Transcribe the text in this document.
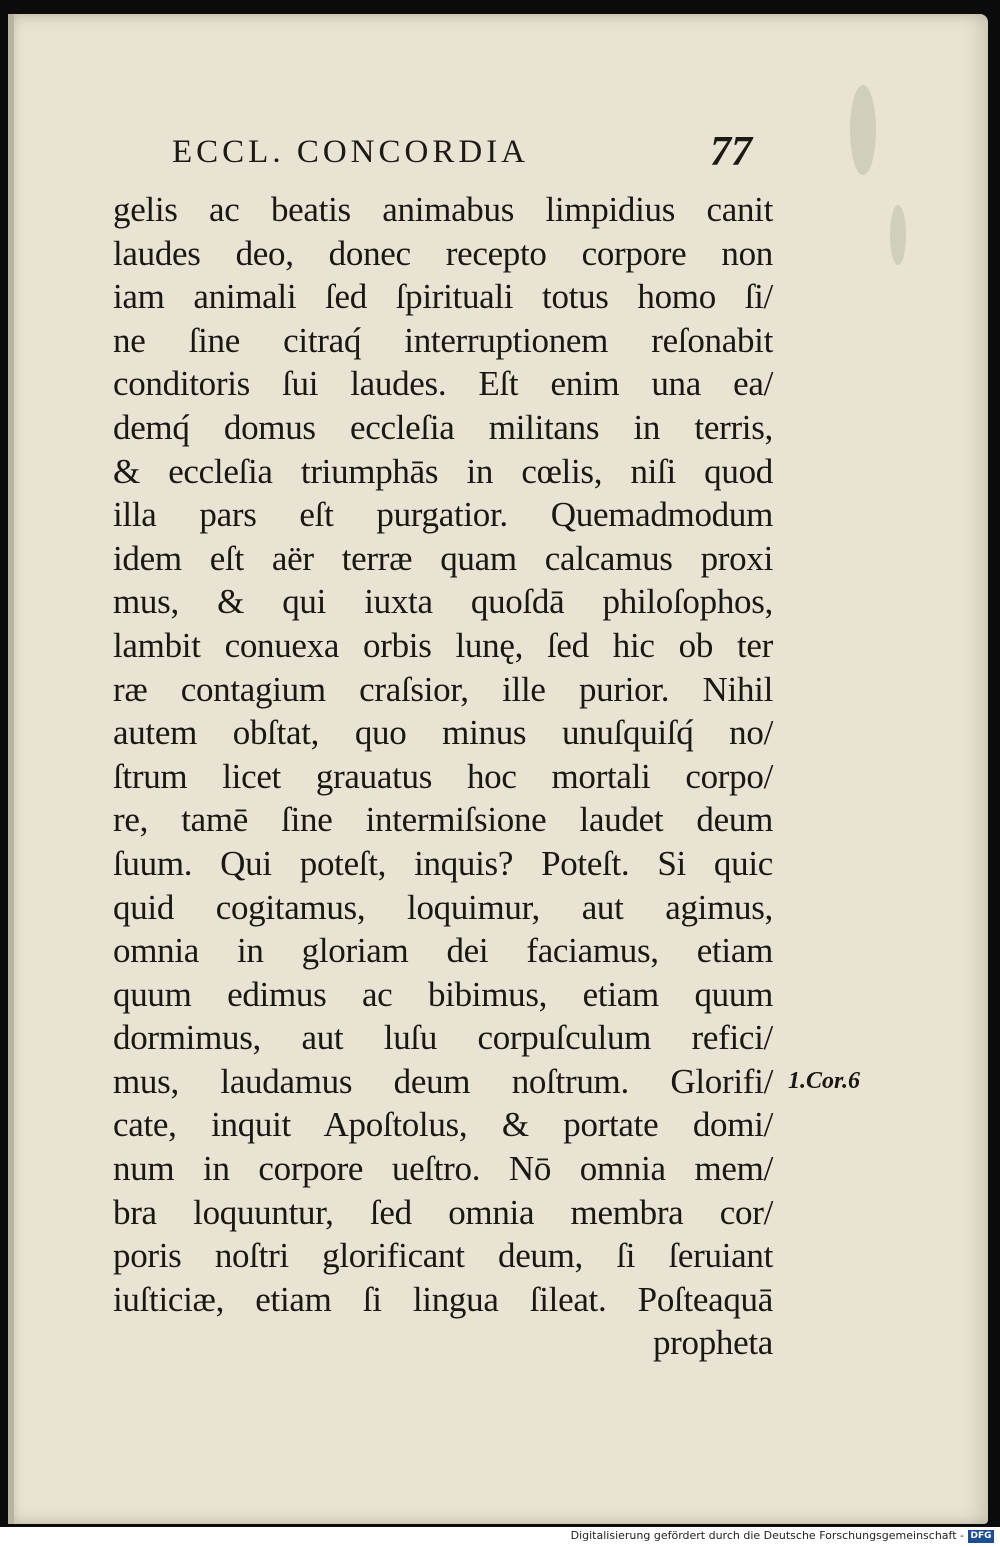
ECCL. CONCORDIA	77
gelis ac beatis animabus limpidius canit
laudes deo, donec recepto corpore non
iam animali ſed ſpirituali totus homo ſi/
ne ſine citraq́ interruptionem reſonabit
conditoris ſui laudes. Eſt enim una ea/
demq́ domus eccleſia militans in terris,
& eccleſia triumphās in cœlis, niſi quod
illa pars eſt purgatior. Quemadmodum
idem eſt aër terræ quam calcamus proxi
mus, & qui iuxta quoſdā philoſophos,
lambit conuexa orbis lunę, ſed hic ob ter
ræ contagium craſsior, ille purior. Nihil
autem obſtat, quo minus unuſquiſq́ no/
ſtrum licet grauatus hoc mortali corpo/
re, tamē ſine intermiſsione laudet deum
ſuum. Qui poteſt, inquis? Poteſt. Si quic
quid cogitamus, loquimur, aut agimus,
omnia in gloriam dei faciamus, etiam
quum edimus ac bibimus, etiam quum
dormimus, aut luſu corpuſculum refici/
mus, laudamus deum noſtrum. Glorifi/
cate, inquit Apoſtolus, & portate domi/
num in corpore ueſtro. Nō omnia mem/
bra loquuntur, ſed omnia membra cor/
poris noſtri glorificant deum, ſi ſeruiant
iuſticiæ, etiam ſi lingua ſileat. Poſteaquā
propheta
1.Cor.6
Digitalisierung gefördert durch die Deutsche Forschungsgemeinschaft - DFG
